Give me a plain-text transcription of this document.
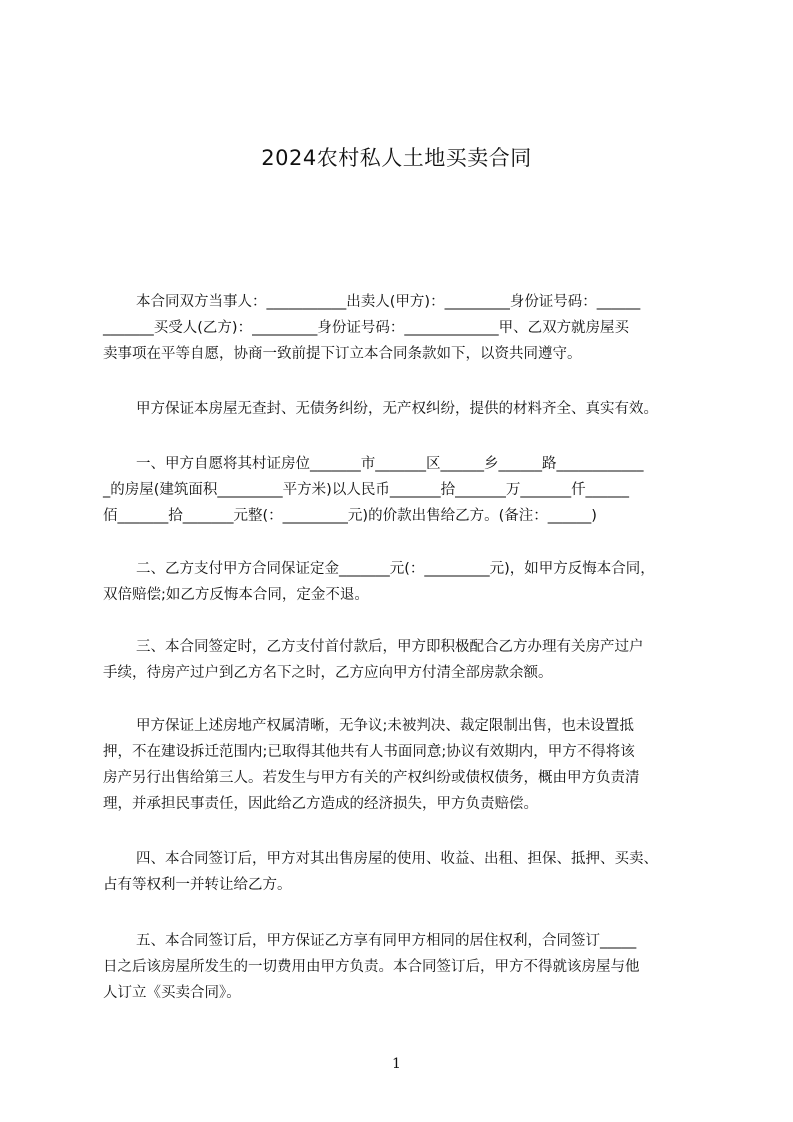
2024农村私人土地买卖合同
本合同双方当事人：___________出卖人(甲方)：_________身份证号码：______
_______买受人(乙方)：_________身份证号码：_____________甲、乙双方就房屋买
卖事项在平等自愿，协商一致前提下订立本合同条款如下，以资共同遵守。
甲方保证本房屋无查封、无债务纠纷，无产权纠纷，提供的材料齐全、真实有效。
一、甲方自愿将其村证房位_______市_______区______乡______路____________
_的房屋(建筑面积_________平方米)以人民币_______拾_______万_______仟______
佰_______拾_______元整(：_________元)的价款出售给乙方。(备注：______)
二、乙方支付甲方合同保证定金_______元(：_________元)，如甲方反悔本合同，
双倍赔偿;如乙方反悔本合同，定金不退。
三、本合同签定时，乙方支付首付款后，甲方即积极配合乙方办理有关房产过户
手续，待房产过户到乙方名下之时，乙方应向甲方付清全部房款余额。
甲方保证上述房地产权属清晰，无争议;未被判决、裁定限制出售，也未设置抵
押，不在建设拆迁范围内;已取得其他共有人书面同意;协议有效期内，甲方不得将该
房产另行出售给第三人。若发生与甲方有关的产权纠纷或债权债务，概由甲方负责清
理，并承担民事责任，因此给乙方造成的经济损失，甲方负责赔偿。
四、本合同签订后，甲方对其出售房屋的使用、收益、出租、担保、抵押、买卖、
占有等权利一并转让给乙方。
五、本合同签订后，甲方保证乙方享有同甲方相同的居住权利，合同签订_____
日之后该房屋所发生的一切费用由甲方负责。本合同签订后，甲方不得就该房屋与他
人订立《买卖合同》。
1
